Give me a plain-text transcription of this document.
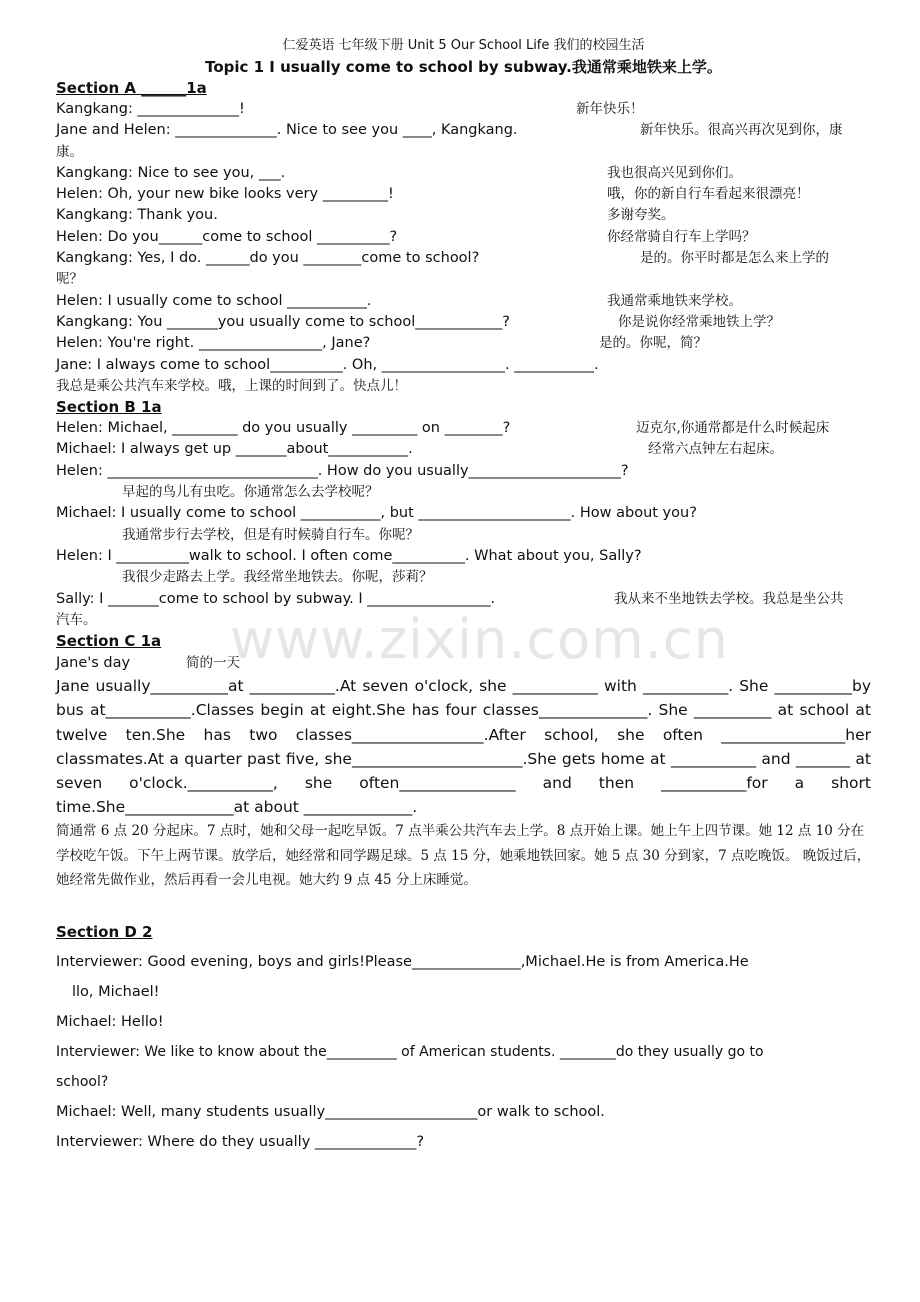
www.zixin.com.cn
仁爱英语 七年级下册 Unit 5 Our School Life 我们的校园生活
Topic 1 I usually come to school by subway.我通常乘地铁来上学。
Section A ______1a
Kangkang: ______________!	新年快乐！
Jane and Helen: ______________. Nice to see you ____, Kangkang.	新年快乐。很高兴再次见到你，康
康。
Kangkang: Nice to see you, ___.	我也很高兴见到你们。
Helen: Oh, your new bike looks very _________!	哦，你的新自行车看起来很漂亮！
Kangkang: Thank you.	多谢夸奖。
Helen: Do you______come to school __________?	你经常骑自行车上学吗？
Kangkang: Yes, I do. ______do you ________come to school?	是的。你平时都是怎么来上学的
呢？
Helen: I usually come to school ___________.	我通常乘地铁来学校。
Kangkang: You _______you usually come to school____________?	你是说你经常乘地铁上学？
Helen: You're right. _________________, Jane?	是的。你呢，简？
Jane: I always come to school__________. Oh, _________________. ___________.
我总是乘公共汽车来学校。哦，上课的时间到了。快点儿！
Section B 1a
Helen: Michael, _________ do you usually _________ on ________?	迈克尔,你通常都是什么时候起床
Michael: I always get up _______about___________.	经常六点钟左右起床。
Helen: _____________________________. How do you usually_____________________?
早起的鸟儿有虫吃。你通常怎么去学校呢？
Michael: I usually come to school ___________, but _____________________. How about you?
我通常步行去学校，但是有时候骑自行车。你呢？
Helen: I __________walk to school. I often come__________. What about you, Sally?
我很少走路去上学。我经常坐地铁去。你呢，莎莉？
Sally: I _______come to school by subway. I _________________.	我从来不坐地铁去学校。我总是坐公共
汽车。
Section C 1a
Jane's day	简的一天
Jane usually__________at ___________.At seven o'clock, she ___________ with ___________. She __________by bus at___________.Classes begin at eight.She has four classes______________. She __________ at school at twelve ten.She has two classes_________________.After school, she often ________________her classmates.At a quarter past five, she______________________.She gets home at ___________ and _______ at seven o'clock.___________, she often_______________ and then ___________for a short time.She______________at about ______________.
简通常 6 点 20 分起床。7 点时，她和父母一起吃早饭。7 点半乘公共汽车去上学。8 点开始上课。她上午上四节课。她 12 点 10 分在学校吃午饭。下午上两节课。放学后，她经常和同学踢足球。5 点 15 分，她乘地铁回家。她 5 点 30 分到家，7 点吃晚饭。 晚饭过后，她经常先做作业，然后再看一会儿电视。她大约 9 点 45 分上床睡觉。
Section D 2
Interviewer: Good evening, boys and girls!Please_______________,Michael.He is from America.He
llo, Michael!
Michael: Hello!
Interviewer: We like to know about the__________ of American students. ________do they usually go to
school?
Michael: Well, many students usually_____________________or walk to school.
Interviewer: Where do they usually ______________?
